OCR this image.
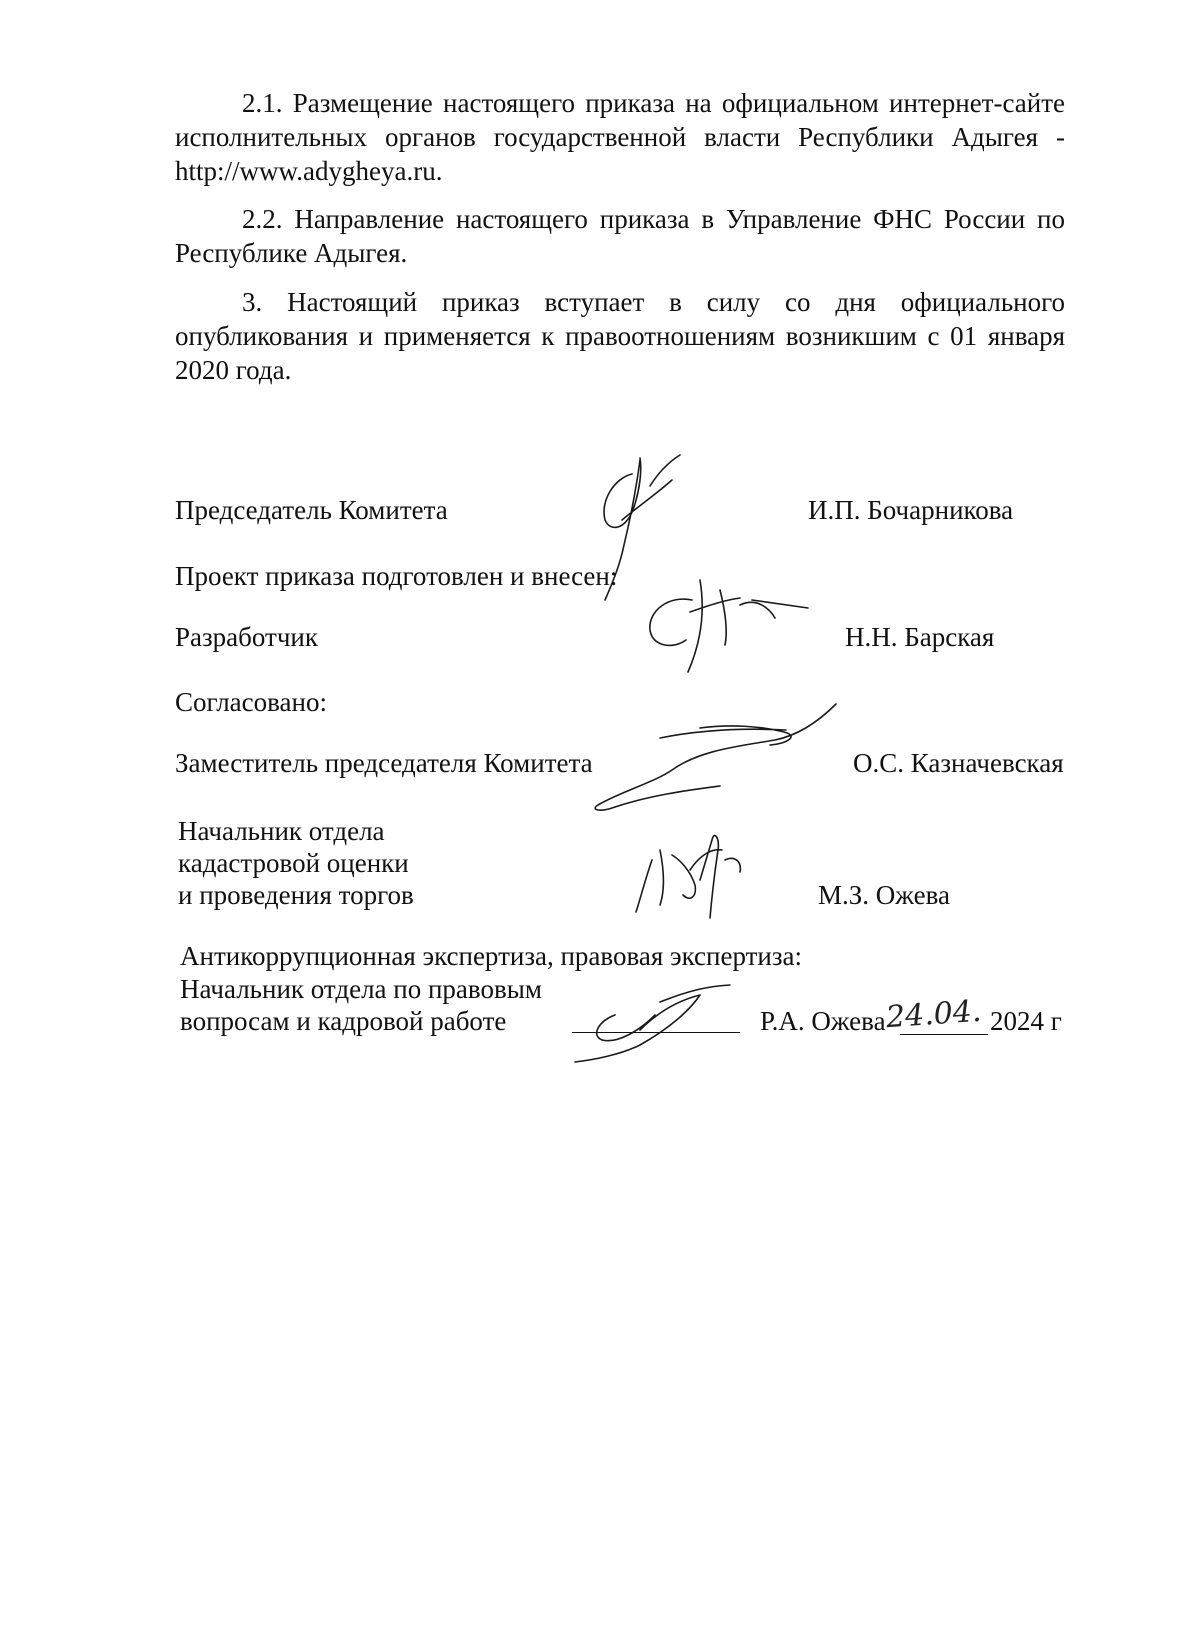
2.1. Размещение настоящего приказа на официальном интернет-сайте исполнительных органов государственной власти Республики Адыгея - http://www.adygheya.ru.

2.2. Направление настоящего приказа в Управление ФНС России по Республике Адыгея.

3. Настоящий приказ вступает в силу со дня официального опубликования и применяется к правоотношениям возникшим с 01 января 2020 года.

Председатель Комитета	И.П. Бочарникова
Проект приказа подготовлен и внесен:
Разработчик	Н.Н. Барская
Согласовано:
Заместитель председателя Комитета	О.С. Казначевская
Начальник отдела
кадастровой оценки
и проведения торгов	М.З. Ожева
Антикоррупционная экспертиза, правовая экспертиза:
Начальник отдела по правовым
вопросам и кадровой работе	Р.А. Ожева 24.04. 2024 г
